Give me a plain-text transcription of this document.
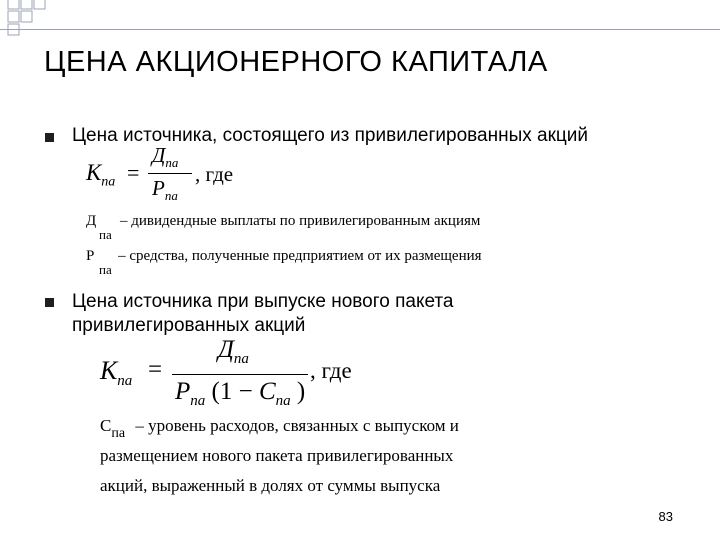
ЦЕНА АКЦИОНЕРНОГО КАПИТАЛА
Цена источника, состоящего из привилегированных акций
$К_{па}$ =
$Д_{па}$
$Р_{па}$
, где
Д – дивидендные выплаты по привилегированным акциям
па
Р – средства, полученные предприятием от их размещения
па
Цена источника при выпуске нового пакета
привилегированных акций
$К_{па}$ =
$Д_{па}$
$Р_{па}$ ($1 - С_{па}$ )
, где
$С_{па}$ – уровень расходов, связанных с выпуском и
размещением нового пакета привилегированных
акций, выраженный в долях от суммы выпуска
83
